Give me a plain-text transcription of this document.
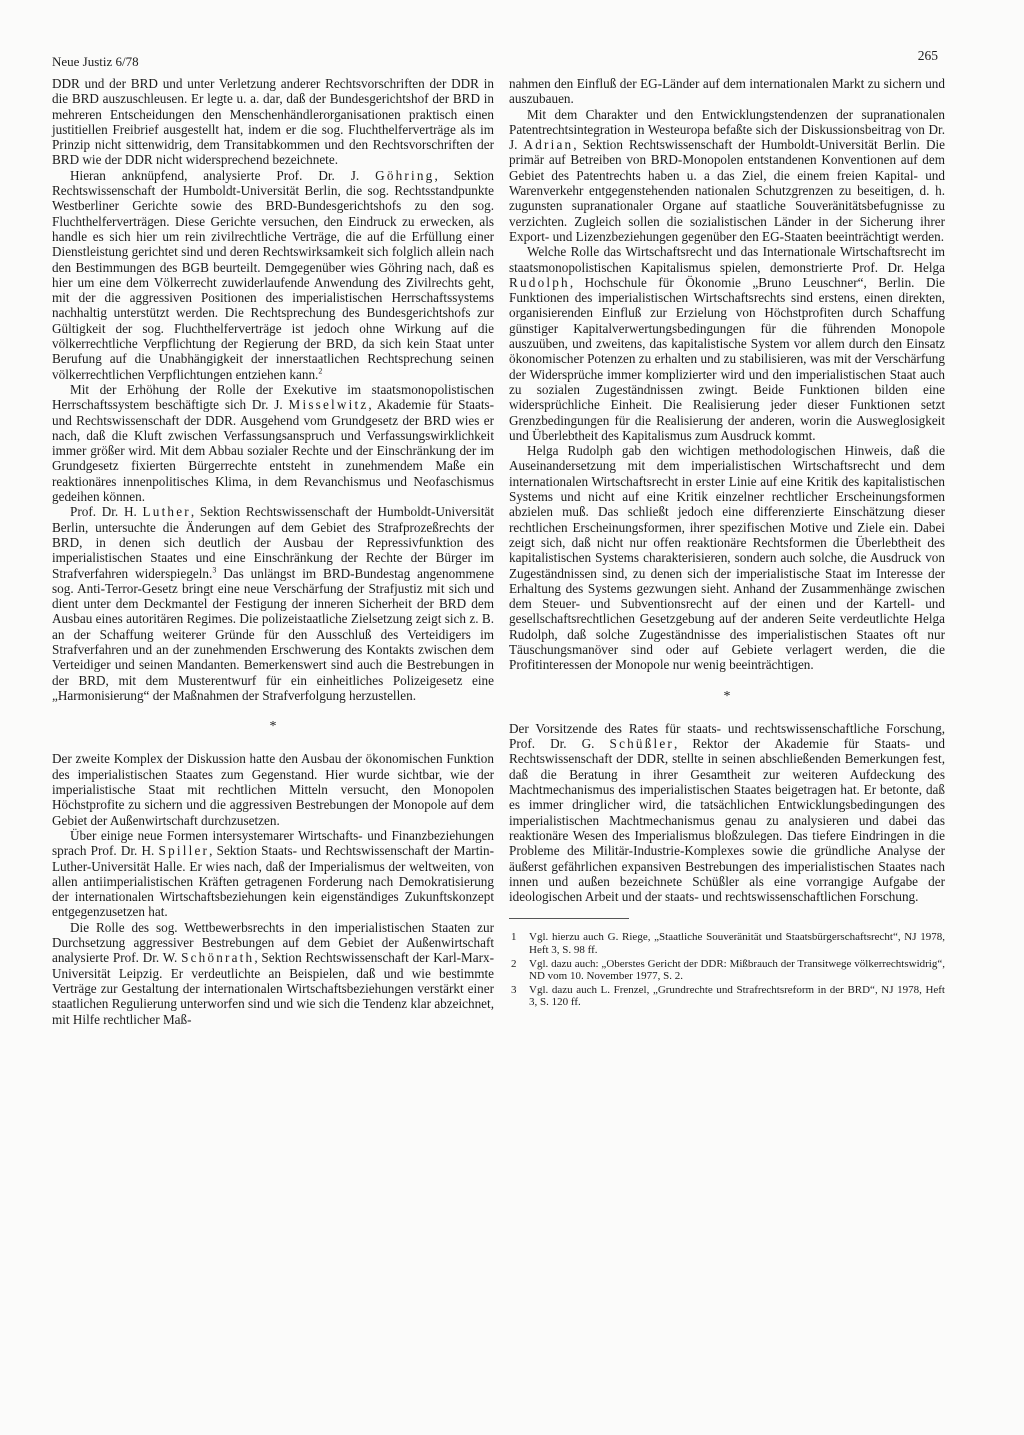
Neue Justiz 6/78	265

DDR und der BRD und unter Verletzung anderer Rechtsvorschriften der DDR in die BRD auszuschleusen. Er legte u. a. dar, daß der Bundesgerichtshof der BRD in mehreren Entscheidungen den Menschenhändlerorganisationen praktisch einen justitiellen Freibrief ausgestellt hat, indem er die sog. Fluchthelferverträge als im Prinzip nicht sittenwidrig, dem Transitabkommen und den Rechtsvorschriften der BRD wie der DDR nicht widersprechend bezeichnete.

Hieran anknüpfend, analysierte Prof. Dr. J. Göhring, Sektion Rechtswissenschaft der Humboldt-Universität Berlin, die sog. Rechtsstandpunkte Westberliner Gerichte sowie des BRD-Bundesgerichtshofs zu den sog. Fluchthelferverträgen. Diese Gerichte versuchen, den Eindruck zu erwecken, als handle es sich hier um rein zivilrechtliche Verträge, die auf die Erfüllung einer Dienstleistung gerichtet sind und deren Rechtswirksamkeit sich folglich allein nach den Bestimmungen des BGB beurteilt. Demgegenüber wies Göhring nach, daß es hier um eine dem Völkerrecht zuwiderlaufende Anwendung des Zivilrechts geht, mit der die aggressiven Positionen des imperialistischen Herrschaftssystems nachhaltig unterstützt werden. Die Rechtsprechung des Bundesgerichtshofs zur Gültigkeit der sog. Fluchthelferverträge ist jedoch ohne Wirkung auf die völkerrechtliche Verpflichtung der Regierung der BRD, da sich kein Staat unter Berufung auf die Unabhängigkeit der innerstaatlichen Rechtsprechung seinen völkerrechtlichen Verpflichtungen entziehen kann.$^2$

Mit der Erhöhung der Rolle der Exekutive im staatsmonopolistischen Herrschaftssystem beschäftigte sich Dr. J. Misselwitz, Akademie für Staats- und Rechtswissenschaft der DDR. Ausgehend vom Grundgesetz der BRD wies er nach, daß die Kluft zwischen Verfassungsanspruch und Verfassungswirklichkeit immer größer wird. Mit dem Abbau sozialer Rechte und der Einschränkung der im Grundgesetz fixierten Bürgerrechte entsteht in zunehmendem Maße ein reaktionäres innenpolitisches Klima, in dem Revanchismus und Neofaschismus gedeihen können.

Prof. Dr. H. Luther, Sektion Rechtswissenschaft der Humboldt-Universität Berlin, untersuchte die Änderungen auf dem Gebiet des Strafprozeßrechts der BRD, in denen sich deutlich der Ausbau der Repressivfunktion des imperialistischen Staates und eine Einschränkung der Rechte der Bürger im Strafverfahren widerspiegeln.$^3$ Das unlängst im BRD-Bundestag angenommene sog. Anti-Terror-Gesetz bringt eine neue Verschärfung der Strafjustiz mit sich und dient unter dem Deckmantel der Festigung der inneren Sicherheit der BRD dem Ausbau eines autoritären Regimes. Die polizeistaatliche Zielsetzung zeigt sich z. B. an der Schaffung weiterer Gründe für den Ausschluß des Verteidigers im Strafverfahren und an der zunehmenden Erschwerung des Kontakts zwischen dem Verteidiger und seinen Mandanten. Bemerkenswert sind auch die Bestrebungen in der BRD, mit dem Musterentwurf für ein einheitliches Polizeigesetz eine „Harmonisierung“ der Maßnahmen der Strafverfolgung herzustellen.

*

Der zweite Komplex der Diskussion hatte den Ausbau der ökonomischen Funktion des imperialistischen Staates zum Gegenstand. Hier wurde sichtbar, wie der imperialistische Staat mit rechtlichen Mitteln versucht, den Monopolen Höchstprofite zu sichern und die aggressiven Bestrebungen der Monopole auf dem Gebiet der Außenwirtschaft durchzusetzen.

Über einige neue Formen intersystemarer Wirtschafts- und Finanzbeziehungen sprach Prof. Dr. H. Spiller, Sektion Staats- und Rechtswissenschaft der Martin-Luther-Universität Halle. Er wies nach, daß der Imperialismus der weltweiten, von allen antiimperialistischen Kräften getragenen Forderung nach Demokratisierung der internationalen Wirtschaftsbeziehungen kein eigenständiges Zukunftskonzept entgegenzusetzen hat.

Die Rolle des sog. Wettbewerbsrechts in den imperialistischen Staaten zur Durchsetzung aggressiver Bestrebungen auf dem Gebiet der Außenwirtschaft analysierte Prof. Dr. W. Schönrath, Sektion Rechtswissenschaft der Karl-Marx-Universität Leipzig. Er verdeutlichte an Beispielen, daß und wie bestimmte Verträge zur Gestaltung der internationalen Wirtschaftsbeziehungen verstärkt einer staatlichen Regulierung unterworfen sind und wie sich die Tendenz klar abzeichnet, mit Hilfe rechtlicher Maß-

nahmen den Einfluß der EG-Länder auf dem internationalen Markt zu sichern und auszubauen.

Mit dem Charakter und den Entwicklungstendenzen der supranationalen Patentrechtsintegration in Westeuropa befaßte sich der Diskussionsbeitrag von Dr. J. Adrian, Sektion Rechtswissenschaft der Humboldt-Universität Berlin. Die primär auf Betreiben von BRD-Monopolen entstandenen Konventionen auf dem Gebiet des Patentrechts haben u. a das Ziel, die einem freien Kapital- und Warenverkehr entgegenstehenden nationalen Schutzgrenzen zu beseitigen, d. h. zugunsten supranationaler Organe auf staatliche Souveränitätsbefugnisse zu verzichten. Zugleich sollen die sozialistischen Länder in der Sicherung ihrer Export- und Lizenzbeziehungen gegenüber den EG-Staaten beeinträchtigt werden.

Welche Rolle das Wirtschaftsrecht und das Internationale Wirtschaftsrecht im staatsmonopolistischen Kapitalismus spielen, demonstrierte Prof. Dr. Helga Rudolph, Hochschule für Ökonomie „Bruno Leuschner“, Berlin. Die Funktionen des imperialistischen Wirtschaftsrechts sind erstens, einen direkten, organisierenden Einfluß zur Erzielung von Höchstprofiten durch Schaffung günstiger Kapitalverwertungsbedingungen für die führenden Monopole auszuüben, und zweitens, das kapitalistische System vor allem durch den Einsatz ökonomischer Potenzen zu erhalten und zu stabilisieren, was mit der Verschärfung der Widersprüche immer komplizierter wird und den imperialistischen Staat auch zu sozialen Zugeständnissen zwingt. Beide Funktionen bilden eine widersprüchliche Einheit. Die Realisierung jeder dieser Funktionen setzt Grenzbedingungen für die Realisierung der anderen, worin die Ausweglosigkeit und Überlebtheit des Kapitalismus zum Ausdruck kommt.

Helga Rudolph gab den wichtigen methodologischen Hinweis, daß die Auseinandersetzung mit dem imperialistischen Wirtschaftsrecht und dem internationalen Wirtschaftsrecht in erster Linie auf eine Kritik des kapitalistischen Systems und nicht auf eine Kritik einzelner rechtlicher Erscheinungsformen abzielen muß. Das schließt jedoch eine differenzierte Einschätzung dieser rechtlichen Erscheinungsformen, ihrer spezifischen Motive und Ziele ein. Dabei zeigt sich, daß nicht nur offen reaktionäre Rechtsformen die Überlebtheit des kapitalistischen Systems charakterisieren, sondern auch solche, die Ausdruck von Zugeständnissen sind, zu denen sich der imperialistische Staat im Interesse der Erhaltung des Systems gezwungen sieht. Anhand der Zusammenhänge zwischen dem Steuer- und Subventionsrecht auf der einen und der Kartell- und gesellschaftsrechtlichen Gesetzgebung auf der anderen Seite verdeutlichte Helga Rudolph, daß solche Zugeständnisse des imperialistischen Staates oft nur Täuschungsmanöver sind oder auf Gebiete verlagert werden, die die Profitinteressen der Monopole nur wenig beeinträchtigen.

*

Der Vorsitzende des Rates für staats- und rechtswissenschaftliche Forschung, Prof. Dr. G. Schüßler, Rektor der Akademie für Staats- und Rechtswissenschaft der DDR, stellte in seinen abschließenden Bemerkungen fest, daß die Beratung in ihrer Gesamtheit zur weiteren Aufdeckung des Machtmechanismus des imperialistischen Staates beigetragen hat. Er betonte, daß es immer dringlicher wird, die tatsächlichen Entwicklungsbedingungen des imperialistischen Machtmechanismus genau zu analysieren und dabei das reaktionäre Wesen des Imperialismus bloßzulegen. Das tiefere Eindringen in die Probleme des Militär-Industrie-Komplexes sowie die gründliche Analyse der äußerst gefährlichen expansiven Bestrebungen des imperialistischen Staates nach innen und außen bezeichnete Schüßler als eine vorrangige Aufgabe der ideologischen Arbeit und der staats- und rechtswissenschaftlichen Forschung.

1 Vgl. hierzu auch G. Riege, „Staatliche Souveränität und Staatsbürgerschaftsrecht“, NJ 1978, Heft 3, S. 98 ff.
2 Vgl. dazu auch: „Oberstes Gericht der DDR: Mißbrauch der Transitwege völkerrechtswidrig“, ND vom 10. November 1977, S. 2.
3 Vgl. dazu auch L. Frenzel, „Grundrechte und Strafrechtsreform in der BRD“, NJ 1978, Heft 3, S. 120 ff.
